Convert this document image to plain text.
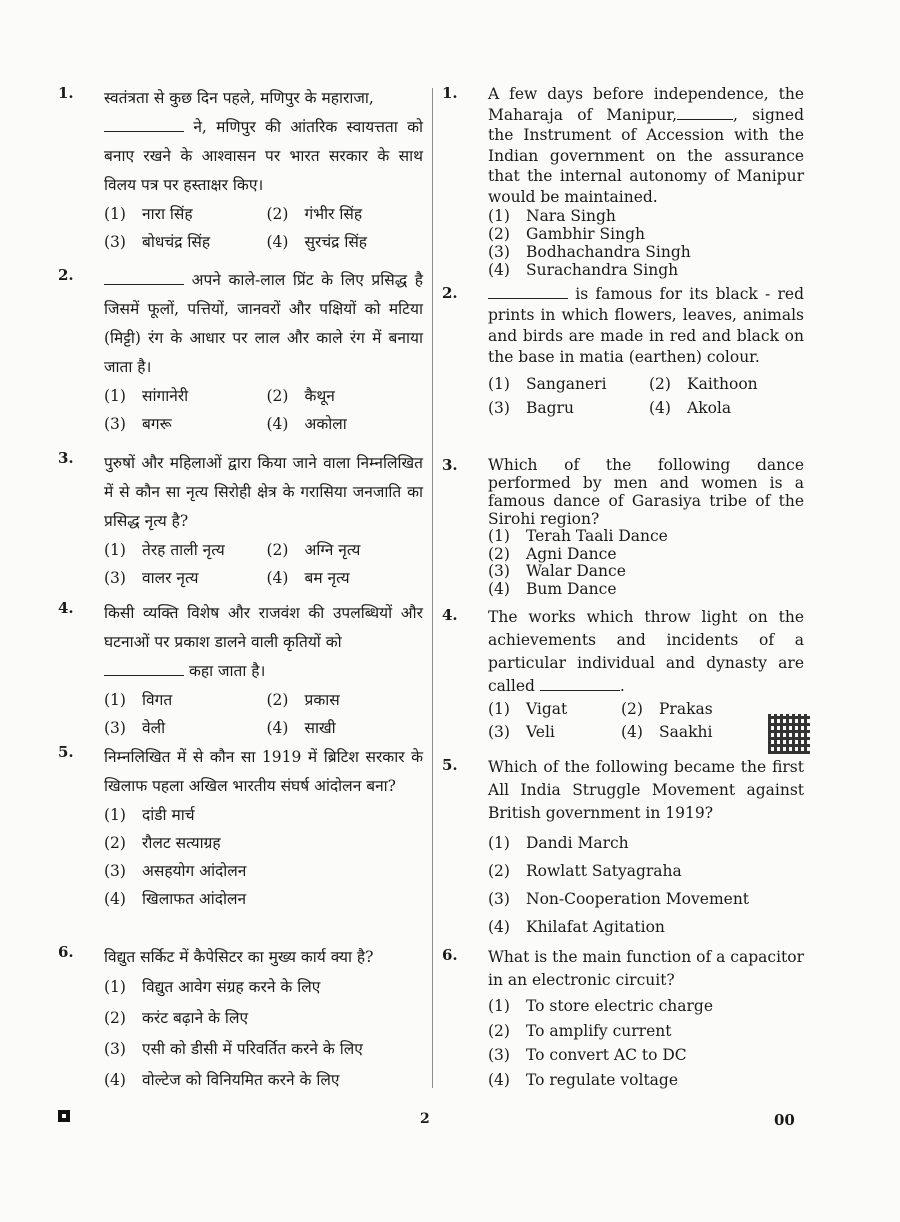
1. स्वतंत्रता से कुछ दिन पहले, मणिपुर के महाराजा,
ने, मणिपुर की आंतरिक स्वायत्तता को बनाए रखने के आश्वासन पर भारत सरकार के साथ विलय पत्र पर हस्ताक्षर किए।
(1) नारा सिंह	(2) गंभीर सिंह
(3) बोधचंद्र सिंह	(4) सुरचंद्र सिंह
2.	अपने काले-लाल प्रिंट के लिए प्रसिद्ध है जिसमें फूलों, पत्तियों, जानवरों और पक्षियों को मटिया (मिट्टी) रंग के आधार पर लाल और काले रंग में बनाया जाता है।
(1) सांगानेरी	(2) कैथून
(3) बगरू	(4) अकोला
3. पुरुषों और महिलाओं द्वारा किया जाने वाला निम्नलिखित में से कौन सा नृत्य सिरोही क्षेत्र के गरासिया जनजाति का प्रसिद्ध नृत्य है?
(1) तेरह ताली नृत्य	(2) अग्नि नृत्य
(3) वालर नृत्य	(4) बम नृत्य
4. किसी व्यक्ति विशेष और राजवंश की उपलब्धियों और घटनाओं पर प्रकाश डालने वाली कृतियों को
कहा जाता है।
(1) विगत	(2) प्रकास
(3) वेली	(4) साखी
5. निम्नलिखित में से कौन सा 1919 में ब्रिटिश सरकार के खिलाफ पहला अखिल भारतीय संघर्ष आंदोलन बना?
(1) दांडी मार्च
(2) रौलट सत्याग्रह
(3) असहयोग आंदोलन
(4) खिलाफत आंदोलन
6. विद्युत सर्किट में कैपेसिटर का मुख्य कार्य क्या है?
(1) विद्युत आवेग संग्रह करने के लिए
(2) करंट बढ़ाने के लिए
(3) एसी को डीसी में परिवर्तित करने के लिए
(4) वोल्टेज को विनियमित करने के लिए
1. A few days before independence, the Maharaja of Manipur,	, signed the Instrument of Accession with the Indian government on the assurance that the internal autonomy of Manipur would be maintained.
(1) Nara Singh
(2) Gambhir Singh
(3) Bodhachandra Singh
(4) Surachandra Singh
2.	is famous for its black - red prints in which flowers, leaves, animals and birds are made in red and black on the base in matia (earthen) colour.
(1) Sanganeri	(2) Kaithoon
(3) Bagru	(4) Akola
3. Which of the following dance performed by men and women is a famous dance of Garasiya tribe of the Sirohi region?
(1) Terah Taali Dance
(2) Agni Dance
(3) Walar Dance
(4) Bum Dance
4. The works which throw light on the achievements and incidents of a particular individual and dynasty are called	.
(1) Vigat	(2) Prakas
(3) Veli	(4) Saakhi
5. Which of the following became the first All India Struggle Movement against British government in 1919?
(1) Dandi March
(2) Rowlatt Satyagraha
(3) Non-Cooperation Movement
(4) Khilafat Agitation
6. What is the main function of a capacitor in an electronic circuit?
(1) To store electric charge
(2) To amplify current
(3) To convert AC to DC
(4) To regulate voltage
2	00
